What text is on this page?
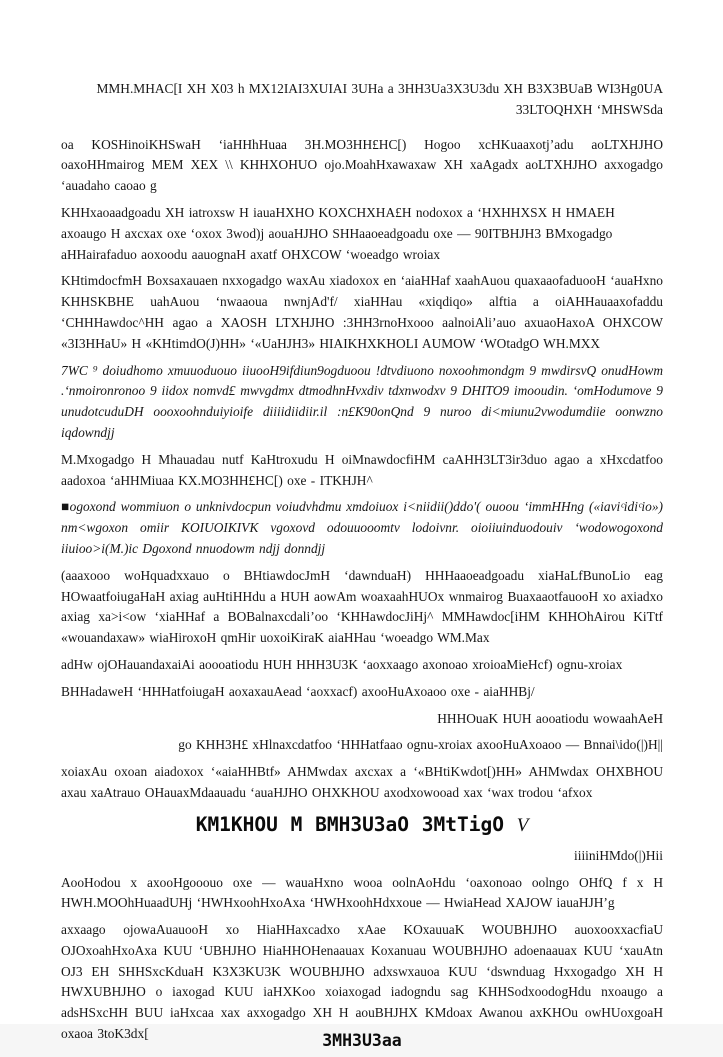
MMH.MHAC[I XH X03 h MX12IAI3XUIAI 3UHa a 3HH3Ua3X3U3du XH B3X3BUaB WI3Hg0UA

33LTOQHXH ‘MHSWSda

oa KOSHinoiKHSwaH ‘iaHHhHuaa 3H.MO3HH£HC[) Hogoo xcHKuaaxotj’adu aoLTXHJHO oaxoHHmairog MEM XEX \\ KHHXOHUO ojo.MoahHxawaxaw XH xaAgadx aoLTXHJHO axxogadgo ‘auadaho caoao g

KHHxaoaadgoadu XH iatroxsw H iauaHXHO KOXCHXHA£H nodoxox a ‘HXHHXSX H HMAEH axoaugo H axcxax oxe ‘oxox 3wod)j aouaHJHO SHHaaoeadgoadu oxe — 90ITBHJH3 BMxogadgo aHHairafaduo aoxoodu aauognaH axatf OHXCOW ‘woeadgo wroiax

KHtimdocfmH Boxsaxauaen nxxogadgo waxAu xiadoxox en ‘aiaHHaf xaahAuou quaxaaofaduooH ‘auaHxno KHHSKBHE uahAuou ‘nwaaoua nwnjAd'f/ xiaHHau «xiqdiqo» alftia a oiAHHauaaxofaddu ‘CHHHawdoc^HH agao a XAOSH LTXHJHO :3HH3rnoHxooo aalnoiAli’auo axuaoHaxoA OHXCOW «3I3HHaU» H «KHtimdO(J)HH» ‘«UaHJH3» HIAIKHXKHOLI AUMOW ‘WOtadgO WH.MXX

7WC ⁹ doiudhomo xmuuoduouo iiuooH9ifdiun9ogduoou !dtvdiuono noxoohmondgm 9 mwdirsvQ onudHowm .‘nmoironronoo 9 iidox nomvd£ mwvgdmx dtmodhnHvxdiv tdxnwodxv 9 DHITO9 imooudin. ‘omHodumove 9 unudotcuduDH oooxoohnduiyioife diiiidiidiir.il :n£K90onQnd 9 nuroo di<miunu2vwodumdiie oonwzno iqdowndjj

M.Mxogadgo H Mhauadau nutf KaHtroxudu H oiMnawdocfiHM caAHH3LT3ir3duo agao a xHxcdatfoo aadoxoa ‘aHHMiuaa KX.MO3HH£HC[) oxe - ITKHJH^

■ogoxond wommiuon o unknivdocpun voiudvhdmu xmdoiuox i<niidii()ddo'( ouoou ‘immHHng («iaviᶜidiᶜio») nm<wgoxon omiir KOIUOIKIVK vgoxovd odouuooomtv lodoivnr. oioiiuinduodouiv ‘wodowogoxond iiuioo>i(M.)ic Dgoxond nnuodowm ndjj donndjj

(aaaxooo woHquadxxauo o BHtiawdocJmH ‘dawnduaH) HHHaaoeadgoadu xiaHaLfBunoLio eag HOwaatfoiugaHaH axiag auHtiHHdu a HUH aowAm woaxaahHUOx wnmairog BuaxaaotfauooH xo axiadxo axiag xa>i<ow ‘xiaHHaf a BOBalnaxcdali’oo ‘KHHawdocJiHj^ MMHawdoc[iHM KHHOhAirou KiTtf «wouandaxaw» wiaHiroxoH qmHir uoxoiKiraK aiaHHau ‘woeadgo WM.Max

adHw ojOHauandaxaiAi aoooatiodu HUH HHH3U3K ‘aoxxaago axonoao xroioaMieHcf) ognu-xroiax

BHHadaweH ‘HHHatfoiugaH aoxaxauAead ‘aoxxacf) axooHuAxoaoo oxe - aiaHHBj/

HHHOuaK HUH aooatiodu wowaahAeH

go KHH3H£ xHlnaxcdatfoo ‘HHHatfaao ognu-xroiax axooHuAxoaoo — Bnnai\ido(|)H||

xoiaxAu oxoan aiadoxox ‘«aiaHHBtf» AHMwdax axcxax a ‘«BHtiKwdot[)HH» AHMwdax OHXBHOU axau xaAtrauo OHauaxMdaauadu ‘auaHJHO OHXKHOU axodxowooad xax ‘wax trodou ‘afxox

KM1KHOU M BMH3U3aO 3MtTigO V

iiiiniHMdo(|)Hii

AooHodou x axooHgooouo oxe — wauaHxno wooa oolnAoHdu ‘oaxonoao oolngo OHfQ f x H HWH.MOOhHuaadUHj ‘HWHxoohHxoAxa ‘HWHxoohHdxxoue — HwiaHead XAJOW iauaHJH’g

axxaago ojowaAuauooH xo HiaHHaxcadxo xAae KOxauuaK WOUBHJHO auoxooxxacfiaU OJOxoahHxoAxa KUU ‘UBHJHO HiaHHOHenaauax Koxanuau WOUBHJHO adoenaauax KUU ‘xauAtn OJ3 EH SHHSxcKduaH K3X3KU3K WOUBHJHO adxswxauoa KUU ‘dswnduag Hxxogadgo XH H HWXUBHJHO o iaxogad KUU iaHXKoo xoiaxogad iadogndu sag KHHSodxoodogHdu nxoaugo a adsHSxcHH BUU iaHxcaa xax axxogadgo XH H aouBHJHX KMdoax Awanou axKHOu owHUoxgoaH oxaoa 3toK3dx[	3MH3U3aa
